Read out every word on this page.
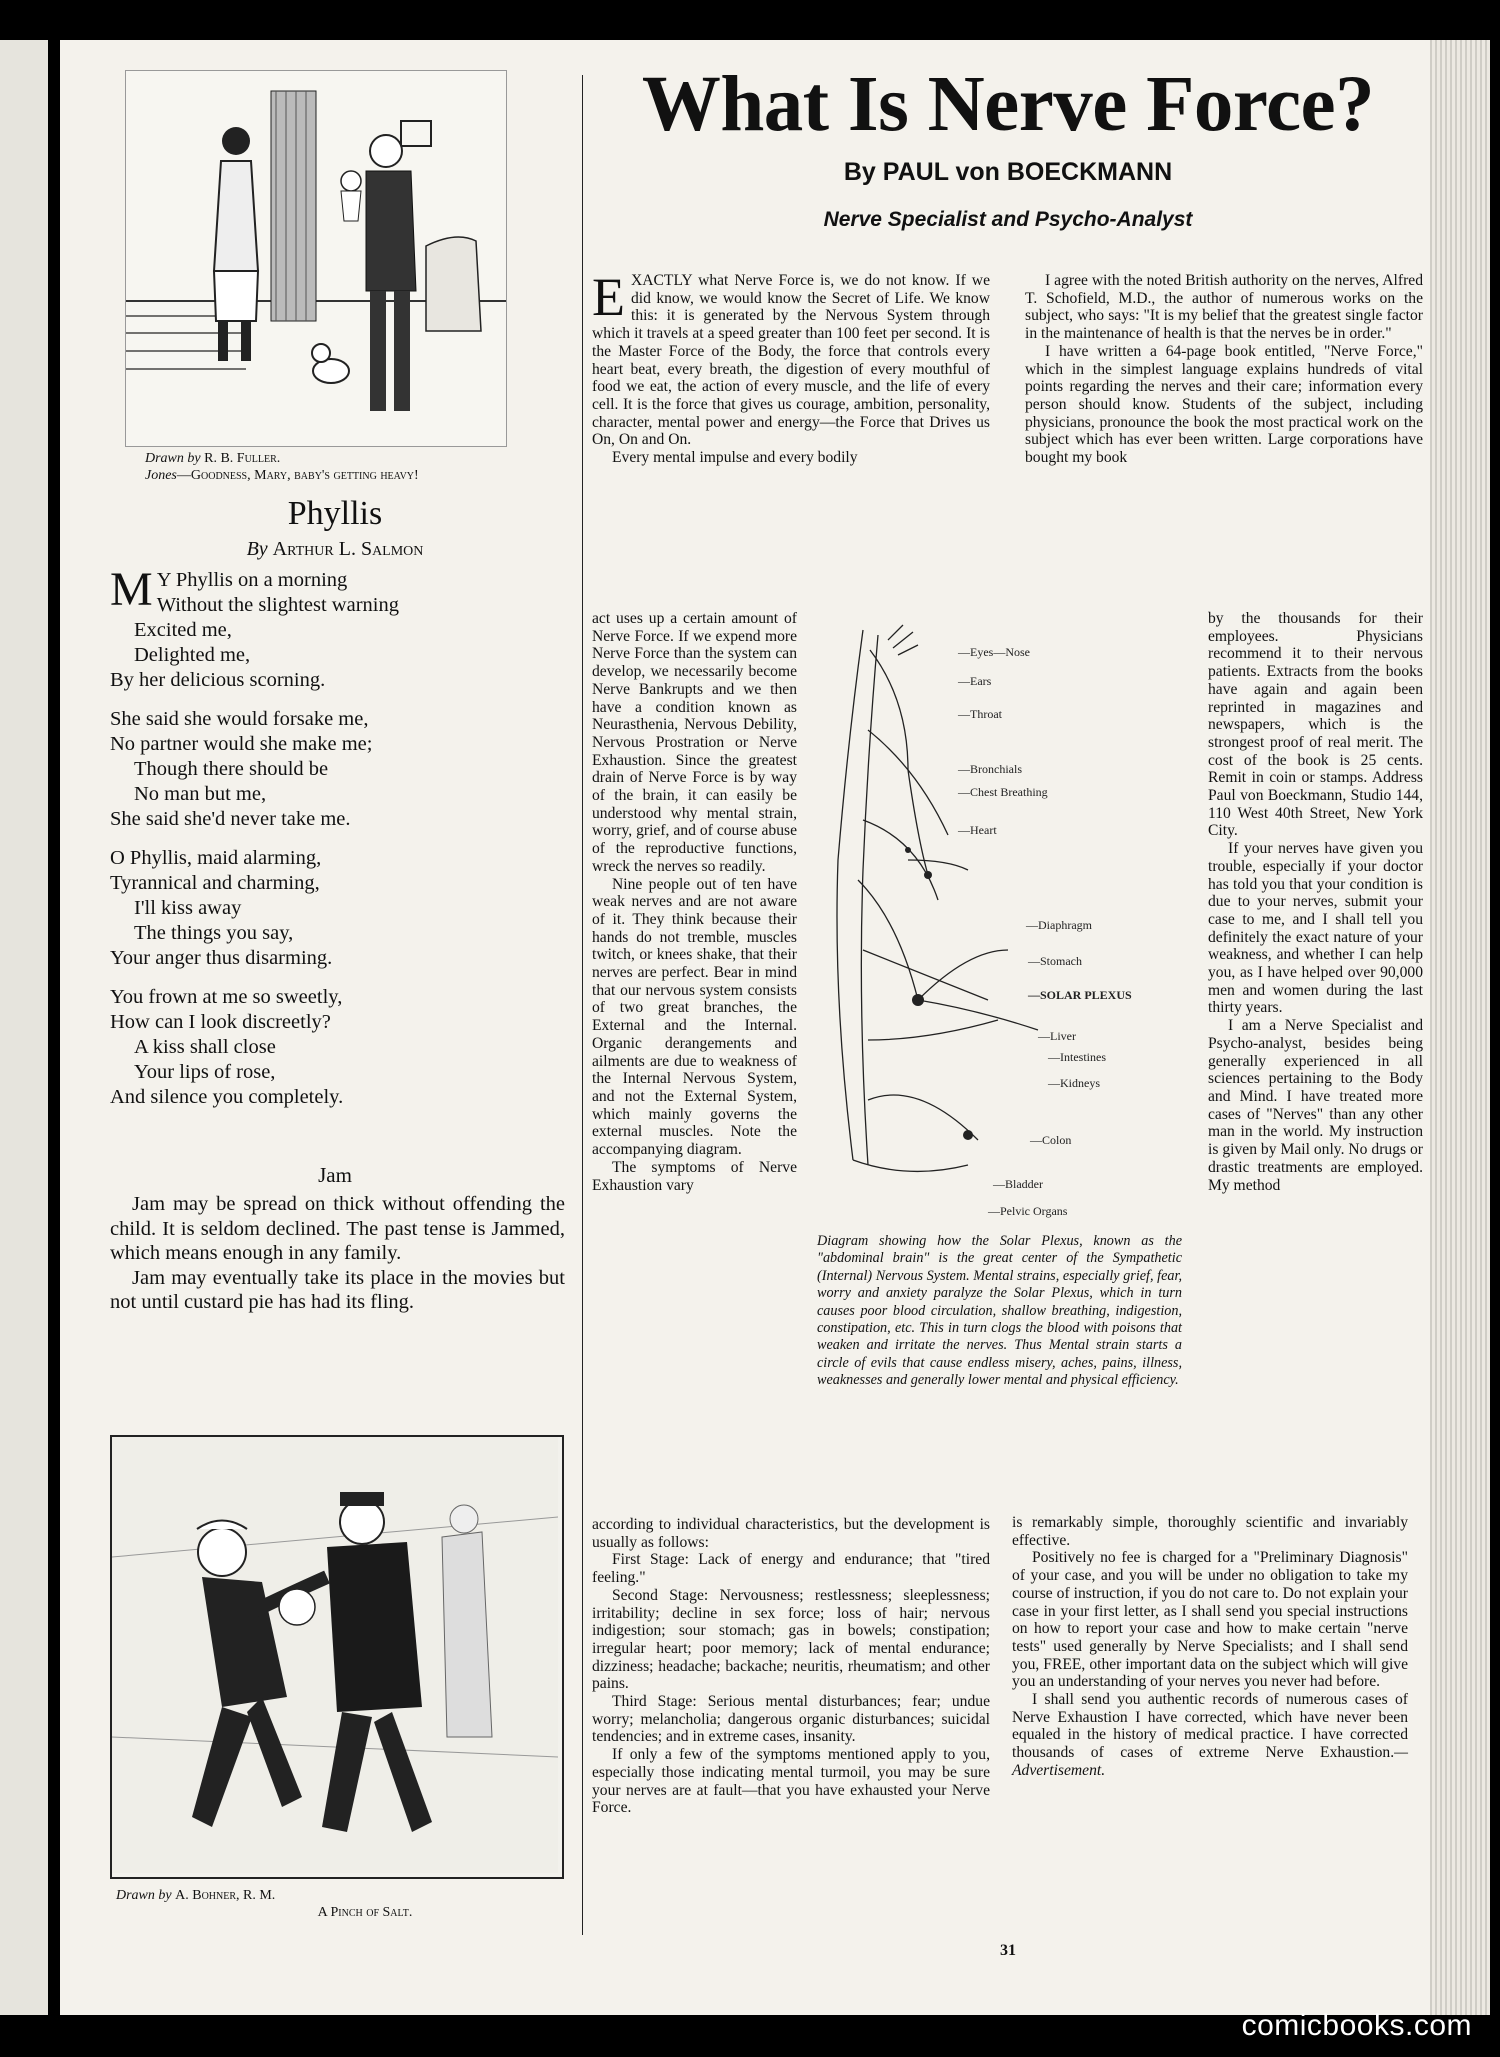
Drawn by R. B. Fuller.
Jones—Goodness, Mary, baby's getting heavy!
Phyllis
By Arthur L. Salmon

M Y Phyllis on a morning
Without the slightest warning
Excited me,
Delighted me,
By her delicious scorning.

She said she would forsake me,
No partner would she make me;
Though there should be
No man but me,
She said she'd never take me.

O Phyllis, maid alarming,
Tyrannical and charming,
I'll kiss away
The things you say,
Your anger thus disarming.

You frown at me so sweetly,
How can I look discreetly?
A kiss shall close
Your lips of rose,
And silence you completely.

Jam

Jam may be spread on thick without offending the child. It is seldom declined. The past tense is Jammed, which means enough in any family.

Jam may eventually take its place in the movies but not until custard pie has had its fling.

Drawn by A. Bohner, R. M.
A Pinch of Salt.
What Is Nerve Force?
By PAUL von BOECKMANN
Nerve Specialist and Psycho-Analyst

EXACTLY what Nerve Force is, we do not know. If we did know, we would know the Secret of Life. We know this: it is generated by the Nervous System through which it travels at a speed greater than 100 feet per second. It is the Master Force of the Body, the force that controls every heart beat, every breath, the digestion of every mouthful of food we eat, the action of every muscle, and the life of every cell. It is the force that gives us courage, ambition, personality, character, mental power and energy—the Force that Drives us On, On and On.

Every mental impulse and every bodily

act uses up a certain amount of Nerve Force. If we expend more Nerve Force than the system can develop, we necessarily become Nerve Bankrupts and we then have a condition known as Neurasthenia, Nervous Debility, Nervous Prostration or Nerve Exhaustion. Since the greatest drain of Nerve Force is by way of the brain, it can easily be understood why mental strain, worry, grief, and of course abuse of the reproductive functions, wreck the nerves so readily.

Nine people out of ten have weak nerves and are not aware of it. They think because their hands do not tremble, muscles twitch, or knees shake, that their nerves are perfect. Bear in mind that our nervous system consists of two great branches, the External and the Internal. Organic derangements and ailments are due to weakness of the Internal Nervous System, and not the External System, which mainly governs the external muscles. Note the accompanying diagram.

The symptoms of Nerve Exhaustion vary

I agree with the noted British authority on the nerves, Alfred T. Schofield, M.D., the author of numerous works on the subject, who says: "It is my belief that the greatest single factor in the maintenance of health is that the nerves be in order."

I have written a 64-page book entitled, "Nerve Force," which in the simplest language explains hundreds of vital points regarding the nerves and their care; information every person should know. Students of the subject, including physicians, pronounce the book the most practical work on the subject which has ever been written. Large corporations have bought my book

by the thousands for their employees. Physicians recommend it to their nervous patients. Extracts from the books have again and again been reprinted in magazines and newspapers, which is the strongest proof of real merit. The cost of the book is 25 cents. Remit in coin or stamps. Address Paul von Boeckmann, Studio 144, 110 West 40th Street, New York City.

If your nerves have given you trouble, especially if your doctor has told you that your condition is due to your nerves, submit your case to me, and I shall tell you definitely the exact nature of your weakness, and whether I can help you, as I have helped over 90,000 men and women during the last thirty years.

I am a Nerve Specialist and Psycho-analyst, besides being generally experienced in all sciences pertaining to the Body and Mind. I have treated more cases of "Nerves" than any other man in the world. My instruction is given by Mail only. No drugs or drastic treatments are employed. My method

—Eyes—Nose
—Ears
—Throat
—Bronchials
—Chest Breathing
—Heart
—Diaphragm
—Stomach
—SOLAR PLEXUS
—Liver
—Intestines
—Kidneys
—Colon
—Bladder
—Pelvic Organs
Diagram showing how the Solar Plexus, known as the "abdominal brain" is the great center of the Sympathetic (Internal) Nervous System. Mental strains, especially grief, fear, worry and anxiety paralyze the Solar Plexus, which in turn causes poor blood circulation, shallow breathing, indigestion, constipation, etc. This in turn clogs the blood with poisons that weaken and irritate the nerves. Thus Mental strain starts a circle of evils that cause endless misery, aches, pains, illness, weaknesses and generally lower mental and physical efficiency.

according to individual characteristics, but the development is usually as follows:

First Stage: Lack of energy and endurance; that "tired feeling."

Second Stage: Nervousness; restlessness; sleeplessness; irritability; decline in sex force; loss of hair; nervous indigestion; sour stomach; gas in bowels; constipation; irregular heart; poor memory; lack of mental endurance; dizziness; headache; backache; neuritis, rheumatism; and other pains.

Third Stage: Serious mental disturbances; fear; undue worry; melancholia; dangerous organic disturbances; suicidal tendencies; and in extreme cases, insanity.

If only a few of the symptoms mentioned apply to you, especially those indicating mental turmoil, you may be sure your nerves are at fault—that you have exhausted your Nerve Force.

is remarkably simple, thoroughly scientific and invariably effective.

Positively no fee is charged for a "Preliminary Diagnosis" of your case, and you will be under no obligation to take my course of instruction, if you do not care to. Do not explain your case in your first letter, as I shall send you special instructions on how to report your case and how to make certain "nerve tests" used generally by Nerve Specialists; and I shall send you, FREE, other important data on the subject which will give you an understanding of your nerves you never had before.

I shall send you authentic records of numerous cases of Nerve Exhaustion I have corrected, which have never been equaled in the history of medical practice. I have corrected thousands of cases of extreme Nerve Exhaustion.—Advertisement.

31
comicbooks.com
